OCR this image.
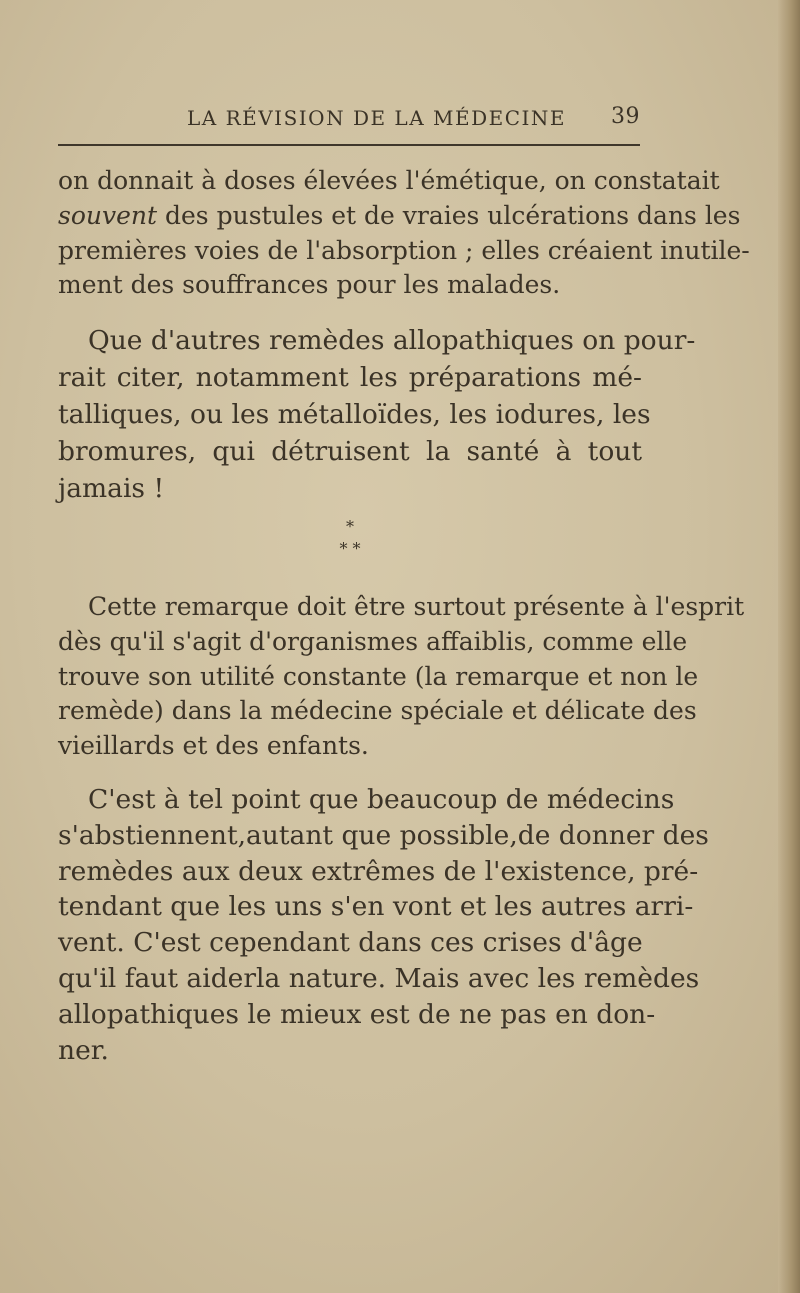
LA RÉVISION DE LA MÉDECINE 39

on donnait à doses élevées l'émétique, on constatait
souvent des pustules et de vraies ulcérations dans les
premières voies de l'absorption ; elles créaient inutile-
ment des souffrances pour les malades.

Que d'autres remèdes allopathiques on pour-
rait citer, notamment les préparations mé-
talliques, ou les métalloïdes, les iodures, les
bromures, qui détruisent la santé à tout
jamais !

*
* *

Cette remarque doit être surtout présente à l'esprit
dès qu'il s'agit d'organismes affaiblis, comme elle
trouve son utilité constante (la remarque et non le
remède) dans la médecine spéciale et délicate des
vieillards et des enfants.

C'est à tel point que beaucoup de médecins
s'abstiennent,autant que possible,de donner des
remèdes aux deux extrêmes de l'existence, pré-
tendant que les uns s'en vont et les autres arri-
vent. C'est cependant dans ces crises d'âge
qu'il faut aiderla nature. Mais avec les remèdes
allopathiques le mieux est de ne pas en don-
ner.
